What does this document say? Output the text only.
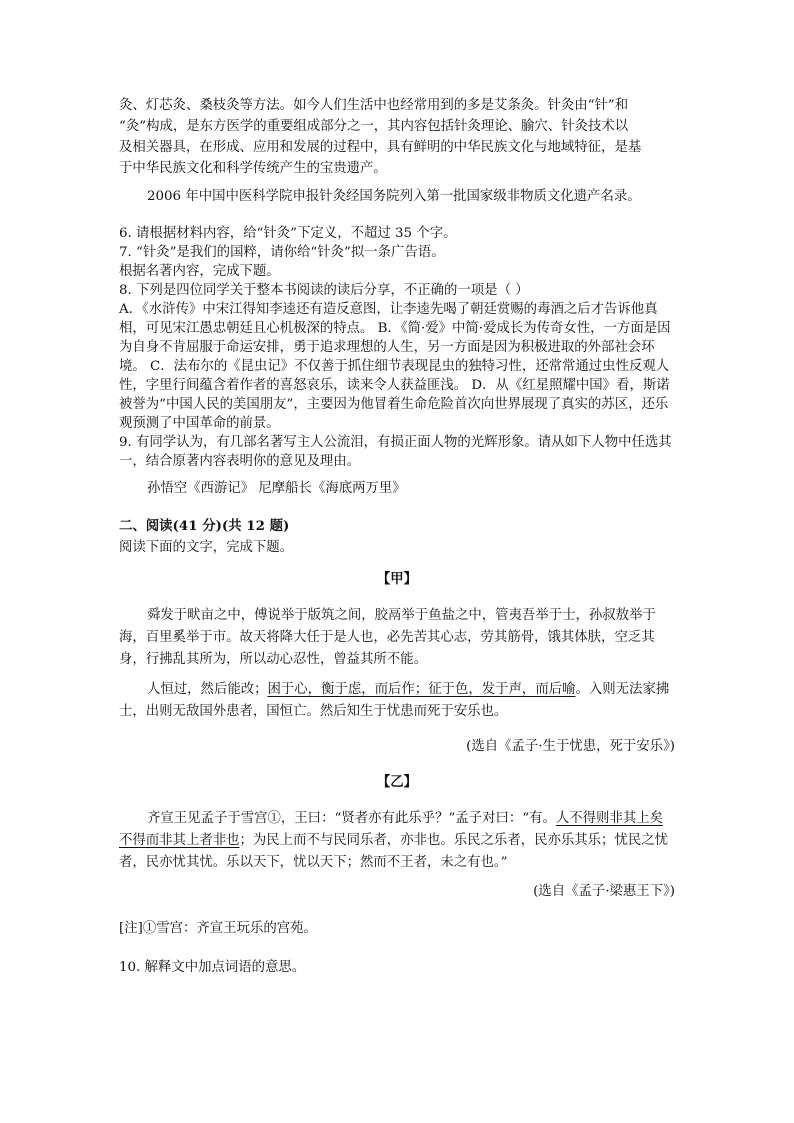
灸、灯芯灸、桑枝灸等方法。如今人们生活中也经常用到的多是艾条灸。针灸由“针”和
“灸”构成，是东方医学的重要组成部分之一，其内容包括针灸理论、腧穴、针灸技术以
及相关器具，在形成、应用和发展的过程中，具有鲜明的中华民族文化与地域特征，是基
于中华民族文化和科学传统产生的宝贵遗产。

2006 年中国中医科学院申报针灸经国务院列入第一批国家级非物质文化遗产名录。

6. 请根据材料内容，给“针灸”下定义，不超过 35 个字。

7. “针灸”是我们的国粹，请你给“针灸”拟一条广告语。

根据名著内容，完成下题。

8. 下列是四位同学关于整本书阅读的读后分享，不正确的一项是（ ）

A．《水浒传》中宋江得知李逵还有造反意图，让李逵先喝了朝廷赏赐的毒酒之后才告诉他真相，可见宋江愚忠朝廷且心机极深的特点。 B．《简·爱》中简·爱成长为传奇女性，一方面是因为自身不肯屈服于命运安排，勇于追求理想的人生，另一方面是因为积极进取的外部社会环境。 C．法布尔的《昆虫记》不仅善于抓住细节表现昆虫的独特习性，还常常通过虫性反观人性，字里行间蕴含着作者的喜怒哀乐，读来令人获益匪浅。 D．从《红星照耀中国》看，斯诺被誉为“中国人民的美国朋友”，主要因为他冒着生命危险首次向世界展现了真实的苏区，还乐观预测了中国革命的前景。

9. 有同学认为，有几部名著写主人公流泪，有损正面人物的光辉形象。请从如下人物中任选其一，结合原著内容表明你的意见及理由。

孙悟空《西游记》 尼摩船长《海底两万里》

二、阅读(41 分)(共 12 题)
阅读下面的文字，完成下题。
【甲】

舜发于畎亩之中，傅说举于版筑之间，胶鬲举于鱼盐之中，管夷吾举于士，孙叔敖举于海，百里奚举于市。故天将降大任于是人也，必先苦其心志，劳其筋骨，饿其体肤，空乏其身，行拂乱其所为，所以动心忍性，曾益其所不能。

人恒过，然后能改；困于心，衡于虑，而后作；征于色，发于声，而后喻。入则无法家拂士，出则无敌国外患者，国恒亡。然后知生于忧患而死于安乐也。

(选自《孟子·生于忧患，死于安乐》)
【乙】

齐宣王见孟子于雪宫①，王曰：“贤者亦有此乐乎？”孟子对曰：“有。人不得则非其上矣不得而非其上者非也；为民上而不与民同乐者，亦非也。乐民之乐者，民亦乐其乐；忧民之忧者，民亦忧其忧。乐以天下，忧以天下；然而不王者，未之有也。”

(选自《孟子·梁惠王下》)
[注]①雪宫：齐宣王玩乐的宫苑。
10. 解释文中加点词语的意思。
